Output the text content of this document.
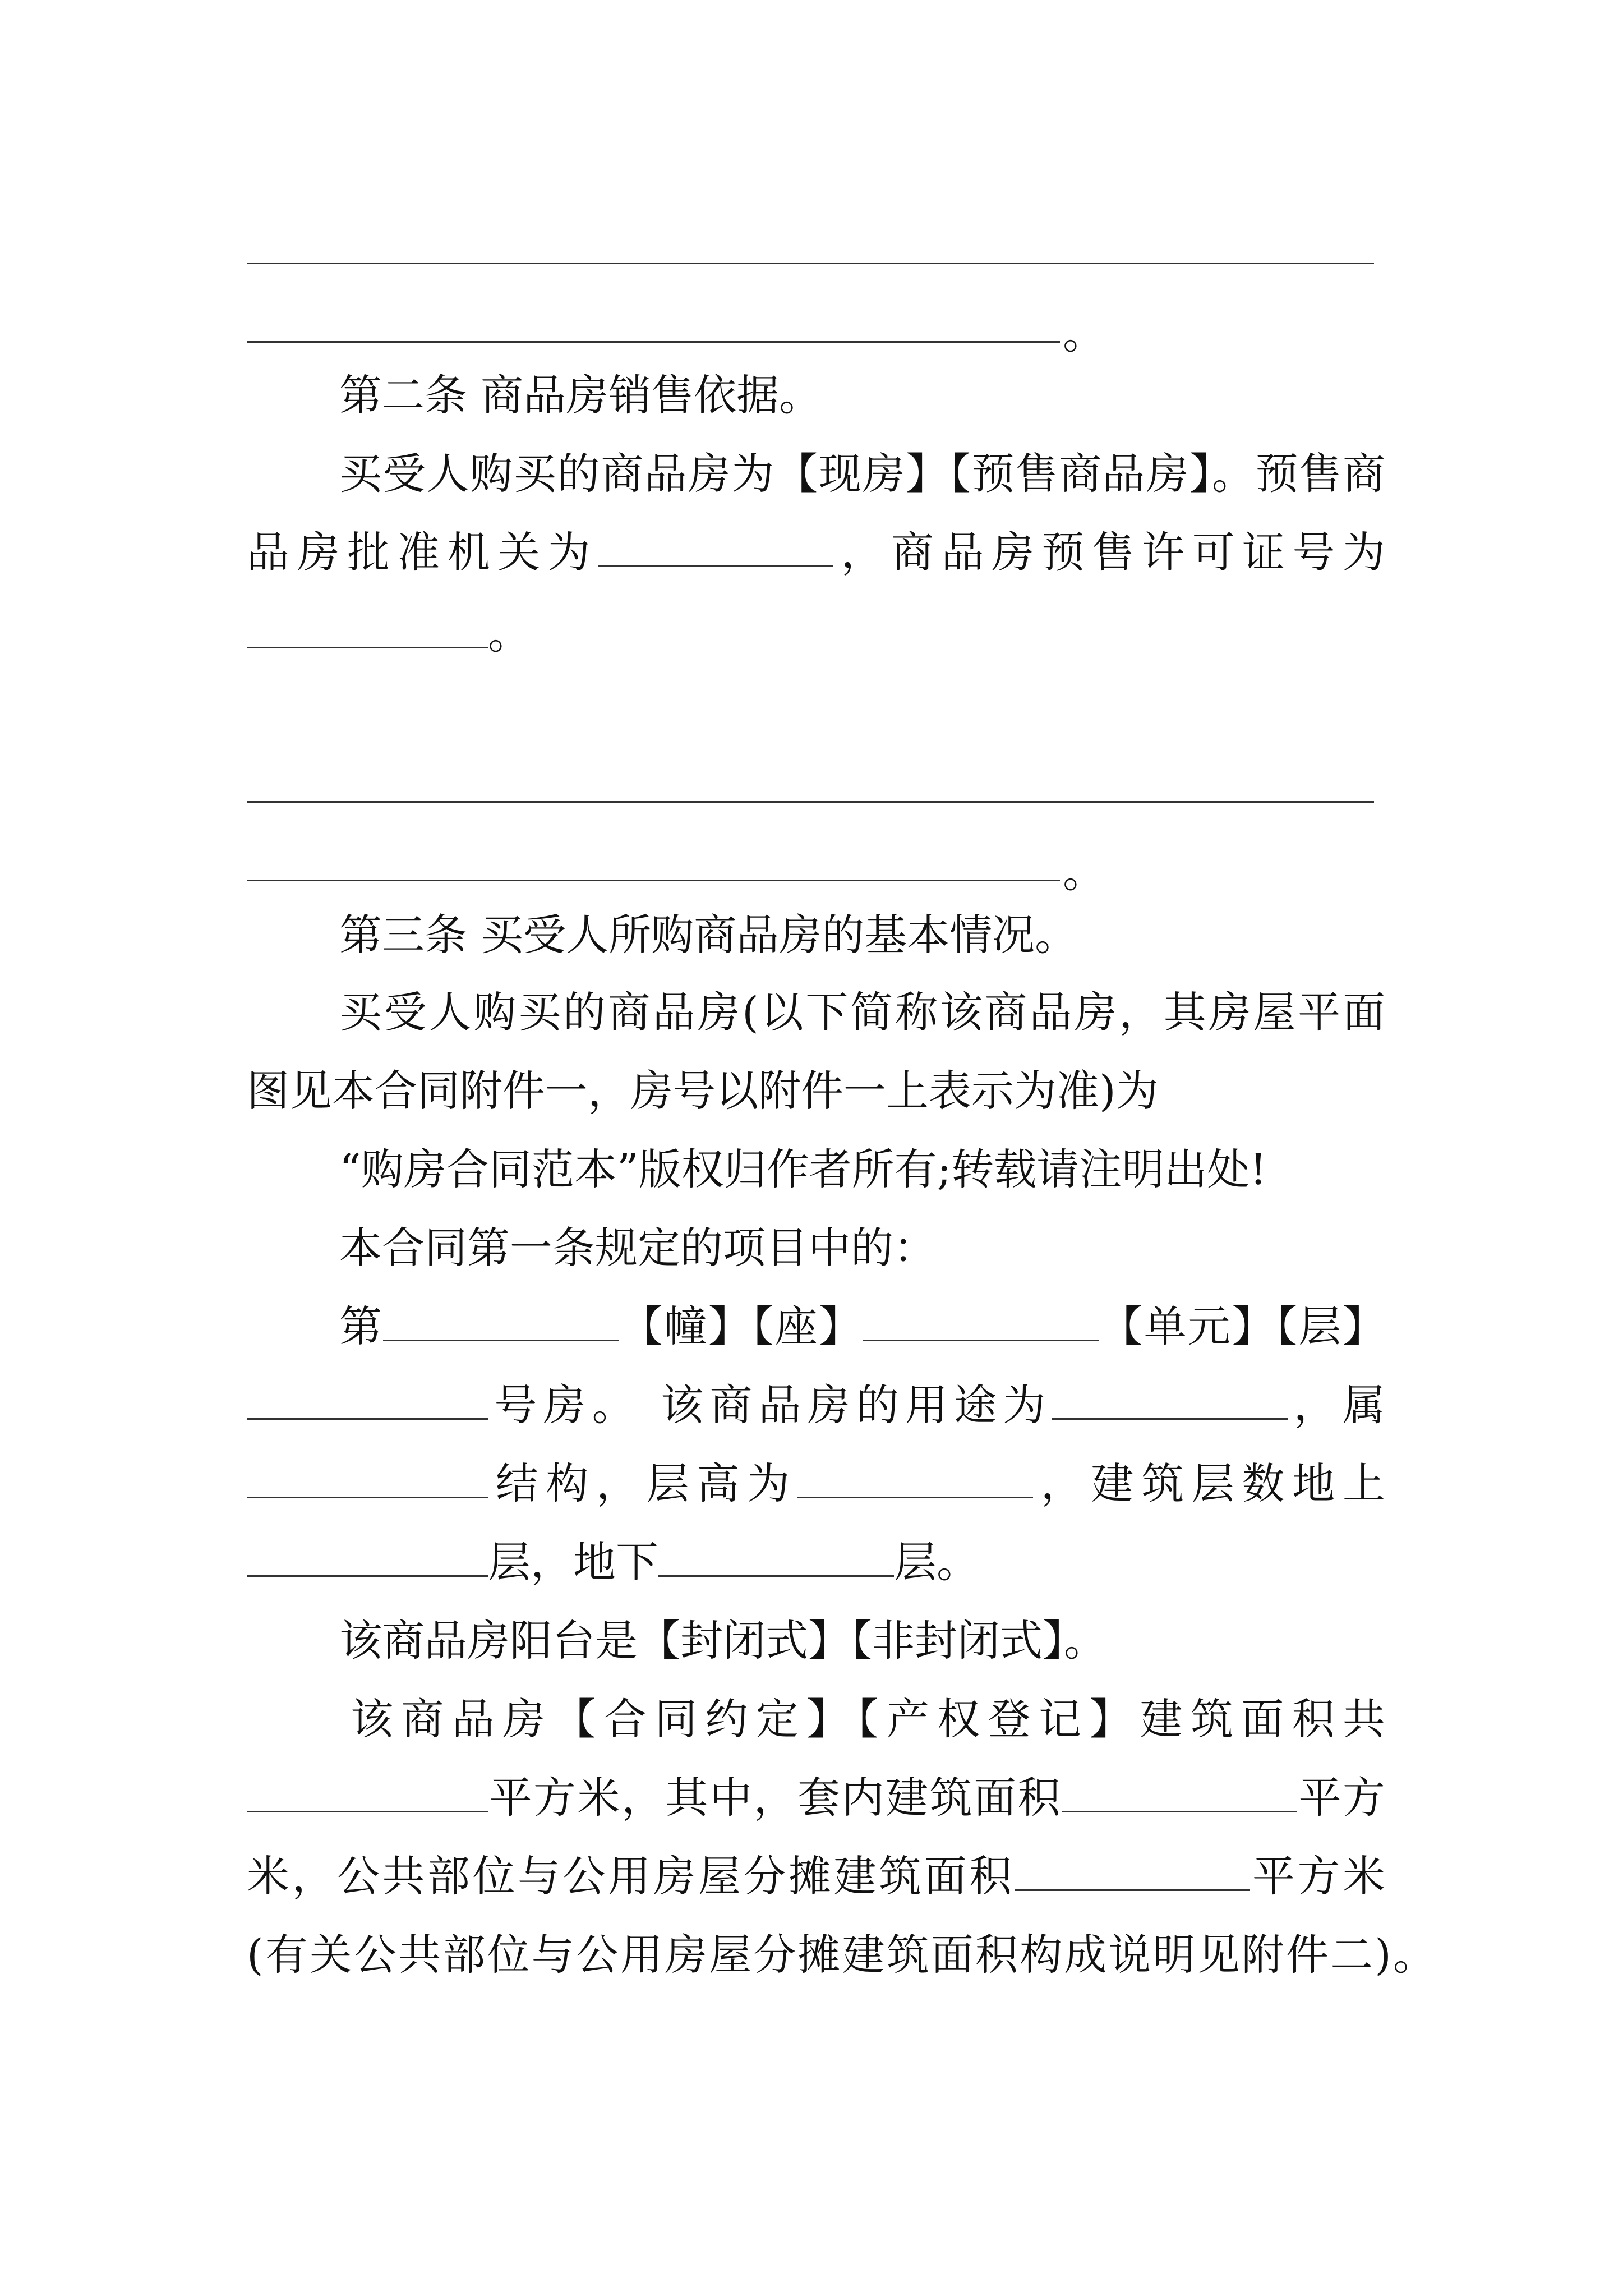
。
第二条 商品房销售依据。
买受人购买的商品房为【现房】【预售商品房】。预售商
品房批准机关为	，商品房预售许可证号为
。
。
第三条 买受人所购商品房的基本情况。
买受人购买的商品房(以下简称该商品房，其房屋平面
图见本合同附件一，房号以附件一上表示为准)为
“购房合同范本”版权归作者所有;转载请注明出处!
本合同第一条规定的项目中的：
第	【幢】【座】	【单元】【层】
号房。 该商品房的用途为	，属
结构，层高为	，建筑层数地上
层，地下	层。
该商品房阳台是【封闭式】【非封闭式】。
该商品房【合同约定】【产权登记】建筑面积共
平方米，其中，套内建筑面积	平方
米，公共部位与公用房屋分摊建筑面积	平方米
(有关公共部位与公用房屋分摊建筑面积构成说明见附件二)。
